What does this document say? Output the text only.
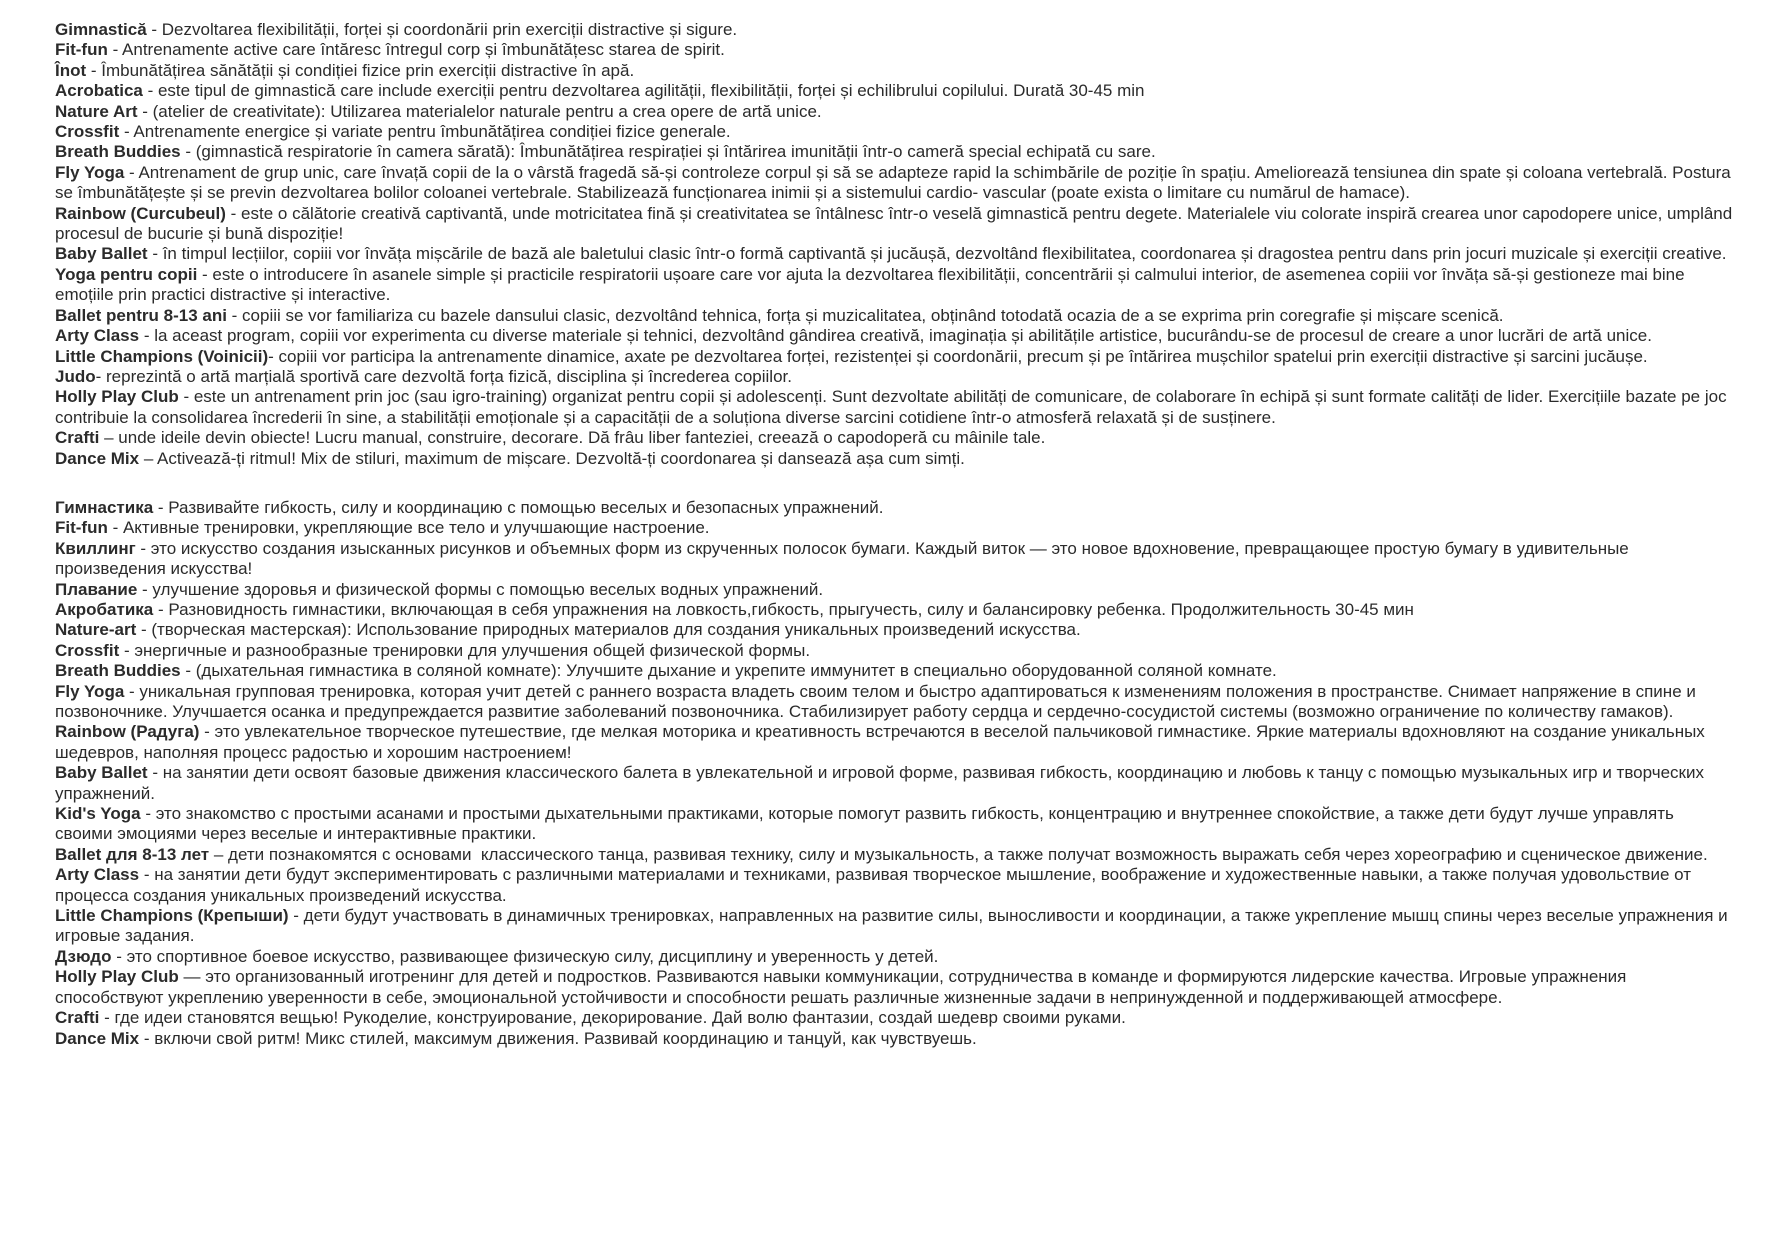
Gimnastică - Dezvoltarea flexibilității, forței și coordonării prin exerciții distractive și sigure.

Fit-fun - Antrenamente active care întăresc întregul corp și îmbunătățesc starea de spirit.

Înot - Îmbunătățirea sănătății și condiției fizice prin exerciții distractive în apă.

Acrobatica - este tipul de gimnastică care include exerciții pentru dezvoltarea agilității, flexibilității, forței și echilibrului copilului. Durată 30-45 min

Nature Art - (atelier de creativitate): Utilizarea materialelor naturale pentru a crea opere de artă unice.

Crossfit - Antrenamente energice și variate pentru îmbunătățirea condiției fizice generale.

Breath Buddies - (gimnastică respiratorie în camera sărată): Îmbunătățirea respirației și întărirea imunității într-o cameră special echipată cu sare.

Fly Yoga - Antrenament de grup unic, care învață copii de la o vârstă fragedă să-și controleze corpul și să se adapteze rapid la schimbările de poziție în spațiu. Ameliorează tensiunea din spate și coloana vertebrală. Postura se îmbunătățește și se previn dezvoltarea bolilor coloanei vertebrale. Stabilizează funcționarea inimii și a sistemului cardio- vascular (poate exista o limitare cu numărul de hamace).

Rainbow (Curcubeul) - este o călătorie creativă captivantă, unde motricitatea fină și creativitatea se întâlnesc într-o veselă gimnastică pentru degete. Materialele viu colorate inspiră crearea unor capodopere unice, umplând procesul de bucurie și bună dispoziție!

Baby Ballet - în timpul lecțiilor, copiii vor învăța mișcările de bază ale baletului clasic într-o formă captivantă și jucăușă, dezvoltând flexibilitatea, coordonarea și dragostea pentru dans prin jocuri muzicale și exerciții creative.

Yoga pentru copii - este o introducere în asanele simple și practicile respiratorii ușoare care vor ajuta la dezvoltarea flexibilității, concentrării și calmului interior, de asemenea copiii vor învăța să-și gestioneze mai bine emoțiile prin practici distractive și interactive.

Ballet pentru 8-13 ani - copiii se vor familiariza cu bazele dansului clasic, dezvoltând tehnica, forța și muzicalitatea, obținând totodată ocazia de a se exprima prin coregrafie și mișcare scenică.

Arty Class - la aceast program, copiii vor experimenta cu diverse materiale și tehnici, dezvoltând gândirea creativă, imaginația și abilitățile artistice, bucurându-se de procesul de creare a unor lucrări de artă unice.

Little Champions (Voinicii)- copiii vor participa la antrenamente dinamice, axate pe dezvoltarea forței, rezistenței și coordonării, precum și pe întărirea mușchilor spatelui prin exerciții distractive și sarcini jucăușe.

Judo- reprezintă o artă marțială sportivă care dezvoltă forța fizică, disciplina și încrederea copiilor.

Holly Play Club - este un antrenament prin joc (sau igro-training) organizat pentru copii și adolescenți. Sunt dezvoltate abilități de comunicare, de colaborare în echipă și sunt formate calități de lider. Exercițiile bazate pe joc contribuie la consolidarea încrederii în sine, a stabilității emoționale și a capacității de a soluționa diverse sarcini cotidiene într-o atmosferă relaxată și de susținere.

Crafti – unde ideile devin obiecte! Lucru manual, construire, decorare. Dă frâu liber fanteziei, creează o capodoperă cu mâinile tale.

Dance Mix – Activează-ți ritmul! Mix de stiluri, maximum de mișcare. Dezvoltă-ți coordonarea și dansează așa cum simți.

Гимнастика - Развивайте гибкость, силу и координацию с помощью веселых и безопасных упражнений.

Fit-fun - Активные тренировки, укрепляющие все тело и улучшающие настроение.

Квиллинг - это искусство создания изысканных рисунков и объемных форм из скрученных полосок бумаги. Каждый виток — это новое вдохновение, превращающее простую бумагу в удивительные произведения искусства!

Плавание - улучшение здоровья и физической формы с помощью веселых водных упражнений.

Акробатика - Разновидность гимнастики, включающая в себя упражнения на ловкость,гибкость, прыгучесть, силу и балансировку ребенка. Продолжительность 30-45 мин

Nature-art - (творческая мастерская): Использование природных материалов для создания уникальных произведений искусства.

Crossfit - энергичные и разнообразные тренировки для улучшения общей физической формы.

Breath Buddies - (дыхательная гимнастика в соляной комнате): Улучшите дыхание и укрепите иммунитет в специально оборудованной соляной комнате.

Fly Yoga - уникальная групповая тренировка, которая учит детей с раннего возраста владеть своим телом и быстро адаптироваться к изменениям положения в пространстве. Снимает напряжение в спине и позвоночнике. Улучшается осанка и предупреждается развитие заболеваний позвоночника. Стабилизирует работу сердца и сердечно-сосудистой системы (возможно ограничение по количеству гамаков).

Rainbow (Радуга) - это увлекательное творческое путешествие, где мелкая моторика и креативность встречаются в веселой пальчиковой гимнастике. Яркие материалы вдохновляют на создание уникальных шедевров, наполняя процесс радостью и хорошим настроением!

Baby Ballet - на занятии дети освоят базовые движения классического балета в увлекательной и игровой форме, развивая гибкость, координацию и любовь к танцу с помощью музыкальных игр и творческих упражнений.

Kid's Yoga - это знакомство с простыми асанами и простыми дыхательными практиками, которые помогут развить гибкость, концентрацию и внутреннее спокойствие, а также дети будут лучше управлять своими эмоциями через веселые и интерактивные практики.

Ballet для 8-13 лет – дети познакомятся с основами  классического танца, развивая технику, силу и музыкальность, а также получат возможность выражать себя через хореографию и сценическое движение.

Arty Class - на занятии дети будут экспериментировать с различными материалами и техниками, развивая творческое мышление, воображение и художественные навыки, а также получая удовольствие от процесса создания уникальных произведений искусства.

Little Champions (Крепыши) - дети будут участвовать в динамичных тренировках, направленных на развитие силы, выносливости и координации, а также укрепление мышц спины через веселые упражнения и игровые задания.

Дзюдо - это спортивное боевое искусство, развивающее физическую силу, дисциплину и уверенность у детей.

Holly Play Club — это организованный иготренинг для детей и подростков. Развиваются навыки коммуникации, сотрудничества в команде и формируются лидерские качества. Игровые упражнения способствуют укреплению уверенности в себе, эмоциональной устойчивости и способности решать различные жизненные задачи в непринужденной и поддерживающей атмосфере.

Crafti - где идеи становятся вещью! Рукоделие, конструирование, декорирование. Дай волю фантазии, создай шедевр своими руками.

Dance Mix - включи свой ритм! Микс стилей, максимум движения. Развивай координацию и танцуй, как чувствуешь.
